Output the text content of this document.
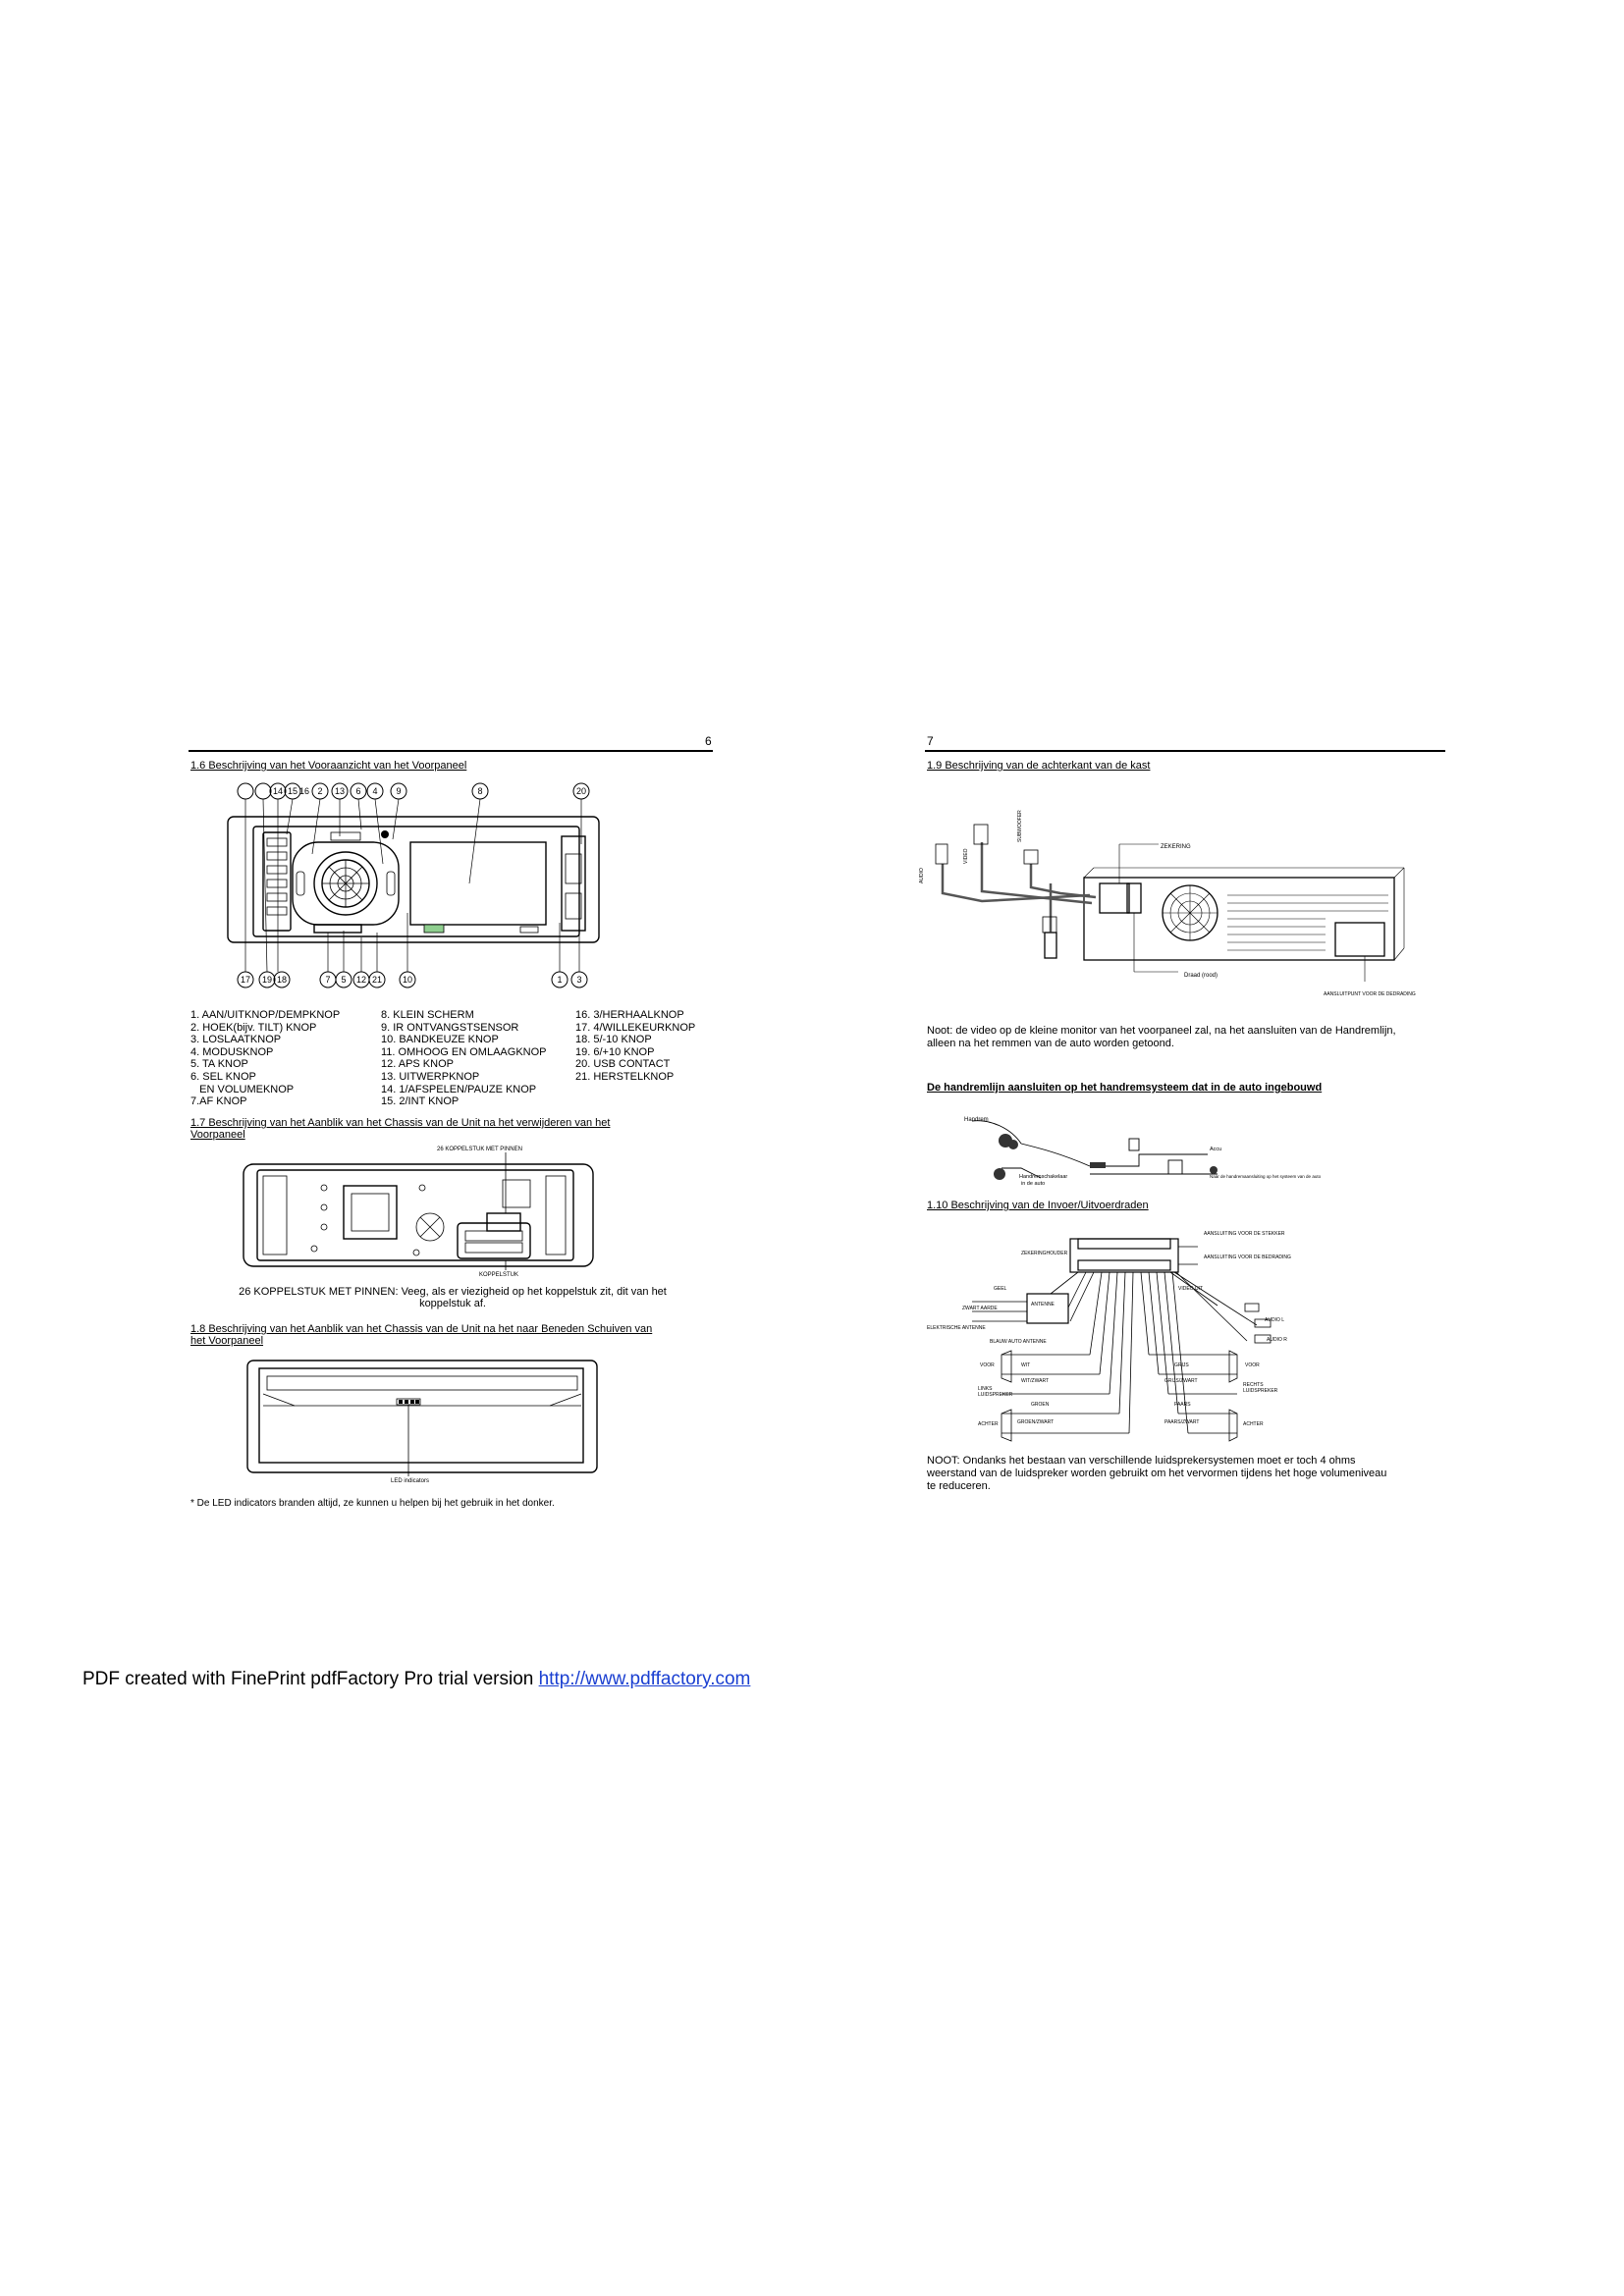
6
1.6 Beschrijving van het Vooraanzicht van het Voorpaneel
14 15 16 2 13 6 4 9	8	20
17 19 18	7 5 12 21 10	1 3
1. AAN/UITKNOP/DEMPKNOP
2. HOEK(bijv. TILT) KNOP
3. LOSLAATKNOP
4. MODUSKNOP
5. TA KNOP
6. SEL KNOP
EN VOLUMEKNOP
7.AF KNOP
8. KLEIN SCHERM
9. IR ONTVANGSTSENSOR
10. BANDKEUZE KNOP
11. OMHOOG EN OMLAAGKNOP
12. APS KNOP
13. UITWERPKNOP
14. 1/AFSPELEN/PAUZE KNOP
15. 2/INT KNOP
16. 3/HERHAALKNOP
17. 4/WILLEKEURKNOP
18. 5/-10 KNOP
19. 6/+10 KNOP
20. USB CONTACT
21. HERSTELKNOP
1.7 Beschrijving van het Aanblik van het Chassis van de Unit na het verwijderen van het
Voorpaneel
26 KOPPELSTUK MET PINNEN
KOPPELSTUK
26 KOPPELSTUK MET PINNEN: Veeg, als er viezigheid op het koppelstuk zit, dit van het
koppelstuk af.
1.8 Beschrijving van het Aanblik van het Chassis van de Unit na het naar Beneden Schuiven van
het Voorpaneel
LED indicators
* De LED indicators branden altijd, ze kunnen u helpen bij het gebruik in het donker.
7
1.9 Beschrijving van de achterkant van de kast
AUDIO
VIDEO
SUBWOOFER
ZEKERING
Draad (rood)
AANSLUITPUNT VOOR DE DEDRADING
Noot: de video op de kleine monitor van het voorpaneel zal, na het aansluiten van de Handremlijn,
alleen na het remmen van de auto worden getoond.
De handremlijn aansluiten op het handremsysteem dat in de auto ingebouwd
Handrem
Handremschakelaar
in de auto
Accu
Naar de handremaansluiting op het systeem van de auto
1.10 Beschrijving van de Invoer/Uitvoerdraden
AANSLUITING VOOR DE STEKKER
AANSLUITING VOOR DE BEDRADING
ZEKERINGHOUDER
GEEL
ZWART AARDE
ANTENNE
ELEKTRISCHE ANTENNE
BLAUW AUTO ANTENNE
VIDEO UIT
AUDIO L
AUDIO R
WIT
WIT/ZWART
GROEN
GROEN/ZWART
GRIJS
GRIJS/ZWART
PAARS
PAARS/ZWART
VOOR
LINKS
LUIDSPREKER
ACHTER
VOOR
RECHTS
LUIDSPREKER
ACHTER
NOOT: Ondanks het bestaan van verschillende luidsprekersystemen moet er toch 4 ohms
weerstand van de luidspreker worden gebruikt om het vervormen tijdens het hoge volumeniveau
te reduceren.
PDF created with FinePrint pdfFactory Pro trial version http://www.pdffactory.com
